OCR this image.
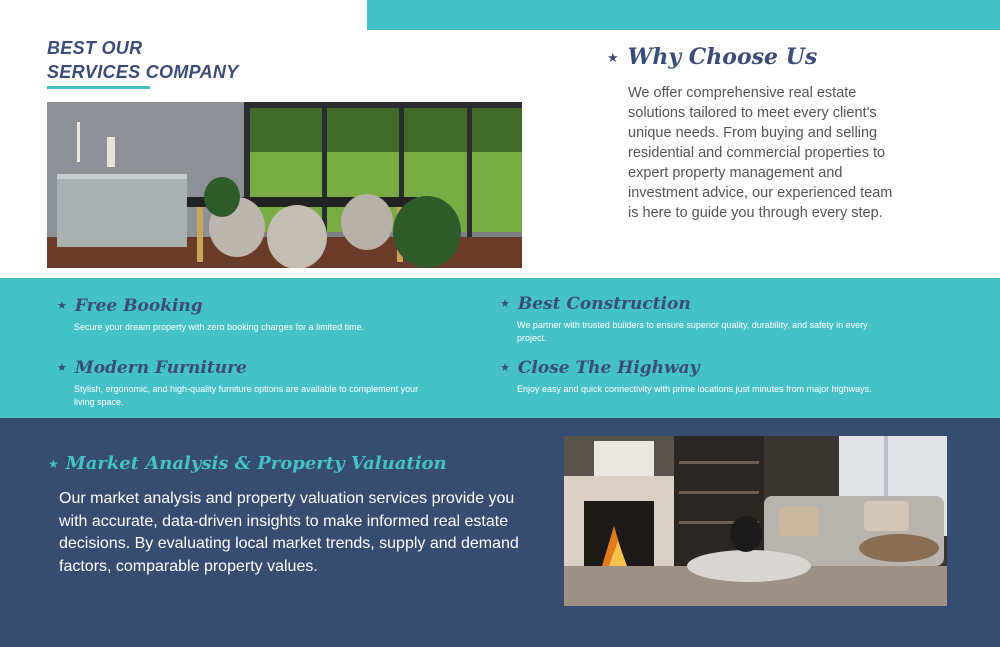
BEST OUR
SERVICES COMPANY
★ Why Choose Us
We offer comprehensive real estate solutions tailored to meet every client's unique needs. From buying and selling residential and commercial properties to expert property management and investment advice, our experienced team is here to guide you through every step.
★ Free Booking
Secure your dream property with zero booking charges for a limited time.
★ Modern Furniture
Stylish, ergonomic, and high-quality furniture options are available to complement your living space.
★ Best Construction
We partner with trusted builders to ensure superior quality, durability, and safety in every project.
★ Close The Highway
Enjoy easy and quick connectivity with prime locations just minutes from major highways.
★ Market Analysis & Property Valuation
Our market analysis and property valuation services provide you with accurate, data-driven insights to make informed real estate decisions. By evaluating local market trends, supply and demand factors, comparable property values.
